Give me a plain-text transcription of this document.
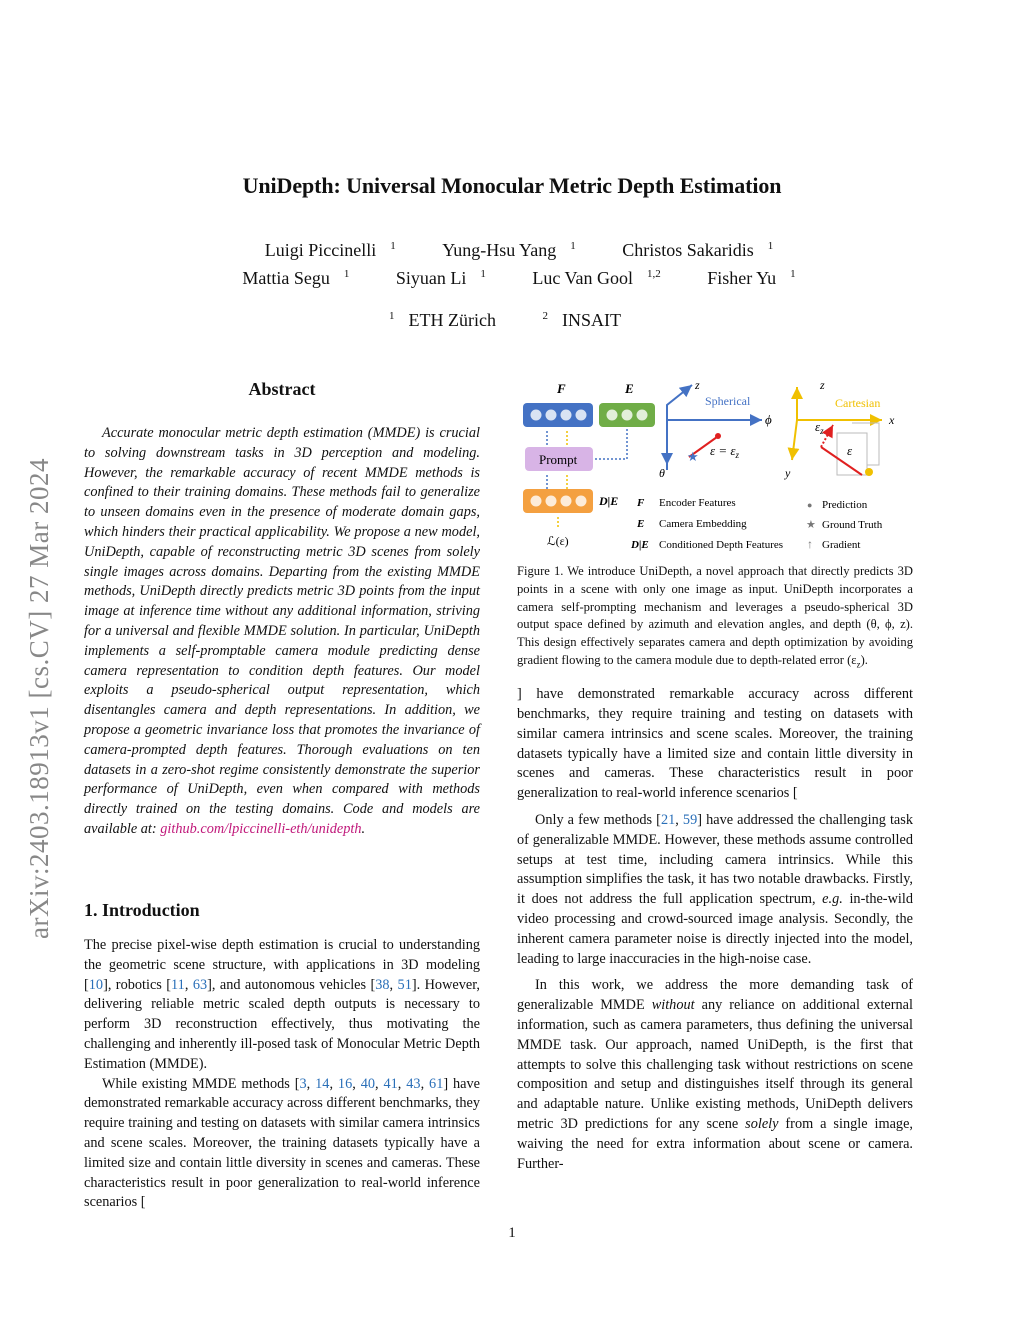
UniDepth: Universal Monocular Metric Depth Estimation
Luigi Piccinelli $^1$	Yung-Hsu Yang $^1$	Christos Sakaridis $^1$
Mattia Segu $^1$	Siyuan Li $^1$	Luc Van Gool $^{1,2}$	Fisher Yu $^1$
$^1$ ETH Zürich	$^2$ INSAIT
arXiv:2403.18913v1 [cs.CV] 27 Mar 2024
Abstract

Accurate monocular metric depth estimation (MMDE) is crucial to solving downstream tasks in 3D perception and modeling. However, the remarkable accuracy of recent MMDE methods is confined to their training domains. These methods fail to generalize to unseen domains even in the presence of moderate domain gaps, which hinders their practical applicability. We propose a new model, UniDepth, capable of reconstructing metric 3D scenes from solely single images across domains. Departing from the existing MMDE methods, UniDepth directly predicts metric 3D points from the input image at inference time without any additional information, striving for a universal and flexible MMDE solution. In particular, UniDepth implements a self-promptable camera module predicting dense camera representation to condition depth features. Our model exploits a pseudo-spherical output representation, which disentangles camera and depth representations. In addition, we propose a geometric invariance loss that promotes the invariance of camera-prompted depth features. Thorough evaluations on ten datasets in a zero-shot regime consistently demonstrate the superior performance of UniDepth, even when compared with methods directly trained on the testing domains. Code and models are available at: github.com/lpiccinelli-eth/unidepth.

1. Introduction

The precise pixel-wise depth estimation is crucial to understanding the geometric scene structure, with applications in 3D modeling [10], robotics [11, 63], and autonomous vehicles [38, 51]. However, delivering reliable metric scaled depth outputs is necessary to perform 3D reconstruction effectively, thus motivating the challenging and inherently ill-posed task of Monocular Metric Depth Estimation (MMDE).

While existing MMDE methods [3, 14, 16, 40, 41, 43, 61] have demonstrated remarkable accuracy across different benchmarks, they require training and testing on datasets with similar camera intrinsics and scene scales. Moreover, the training datasets typically have a limited size and contain little diversity in scenes and cameras. These characteristics result in poor generalization to real-world inference scenarios [

] have demonstrated remarkable accuracy across different benchmarks, they require training and testing on datasets with similar camera intrinsics and scene scales. Moreover, the training datasets typically have a limited size and contain little diversity in scenes and cameras. These characteristics result in poor generalization to real-world inference scenarios [

Only a few methods [21, 59] have addressed the challenging task of generalizable MMDE. However, these methods assume controlled setups at test time, including camera intrinsics. While this assumption simplifies the task, it has two notable drawbacks. Firstly, it does not address the full application spectrum, e.g. in-the-wild video processing and crowd-sourced image analysis. Secondly, the inherent camera parameter noise is directly injected into the model, leading to large inaccuracies in the high-noise case.

In this work, we address the more demanding task of generalizable MMDE without any reliance on additional external information, such as camera parameters, thus defining the universal MMDE task. Our approach, named UniDepth, is the first that attempts to solve this challenging task without restrictions on scene composition and setup and distinguishes itself through its general and adaptable nature. Unlike existing methods, UniDepth delivers metric 3D predictions for any scene solely from a single image, waiving the need for extra information about scene or camera. Further-

F	E
Prompt
D|E
ℒ(ε)
z
Spherical
ϕ
θ
★ $\varepsilon = \varepsilon_z$
z
Cartesian
x
y
$\varepsilon_z$
ε
F Encoder Features
E Camera Embedding
D|E Conditioned Depth Features
● Prediction
★ Ground Truth
↑ Gradient
Figure 1. We introduce UniDepth, a novel approach that directly predicts 3D points in a scene with only one image as input. UniDepth incorporates a camera self-prompting mechanism and leverages a pseudo-spherical 3D output space defined by azimuth and elevation angles, and depth (θ, ϕ, z). This design effectively separates camera and depth optimization by avoiding gradient flowing to the camera module due to depth-related error $(\varepsilon_z)$.
1
